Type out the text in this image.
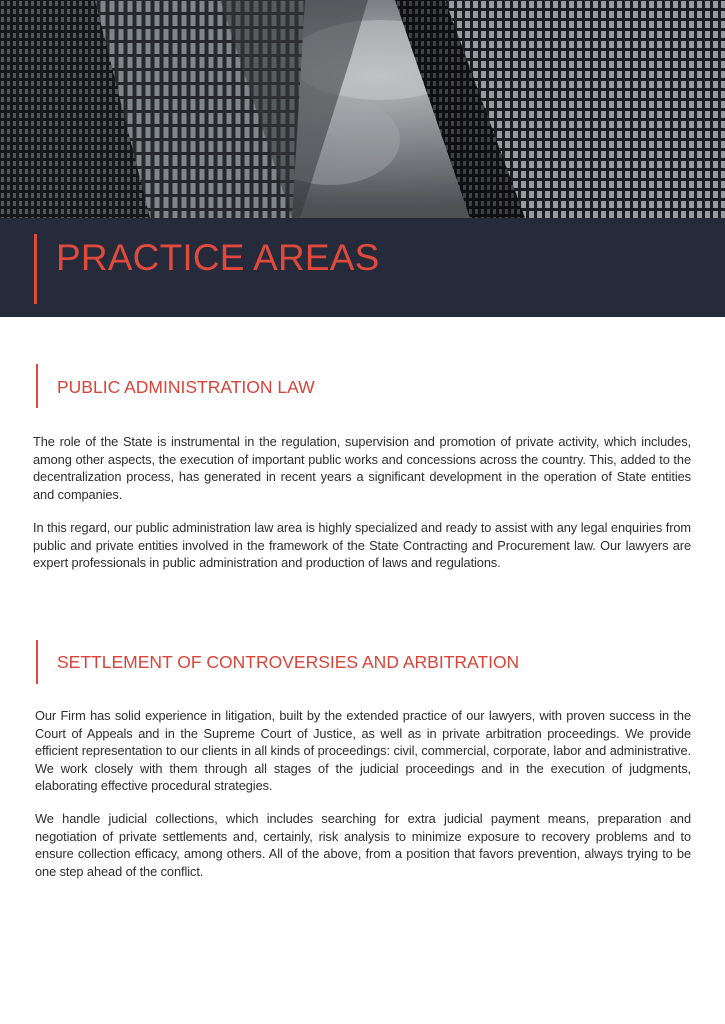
PRACTICE AREAS
PUBLIC ADMINISTRATION LAW

The role of the State is instrumental in the regulation, supervision and promotion of private activity, which includes, among other aspects, the execution of important public works and concessions across the country. This, added to the decentralization process, has generated in recent years a significant development in the operation of State entities and companies.

In this regard, our public administration law area is highly specialized and ready to assist with any legal enquiries from public and private entities involved in the framework of the State Contracting and Procurement law. Our lawyers are expert professionals in public administration and production of laws and regulations.

SETTLEMENT OF CONTROVERSIES AND ARBITRATION

Our Firm has solid experience in litigation, built by the extended practice of our lawyers, with proven success in the Court of Appeals and in the Supreme Court of Justice, as well as in private arbitration proceedings. We provide efficient representation to our clients in all kinds of proceedings: civil, commercial, corporate, labor and administrative. We work closely with them through all stages of the judicial proceedings and in the execution of judgments, elaborating effective procedural strategies.

We handle judicial collections, which includes searching for extra judicial payment means, preparation and negotiation of private settlements and, certainly, risk analysis to minimize exposure to recovery problems and to ensure collection efficacy, among others. All of the above, from a position that favors prevention, always trying to be one step ahead of the conflict.
